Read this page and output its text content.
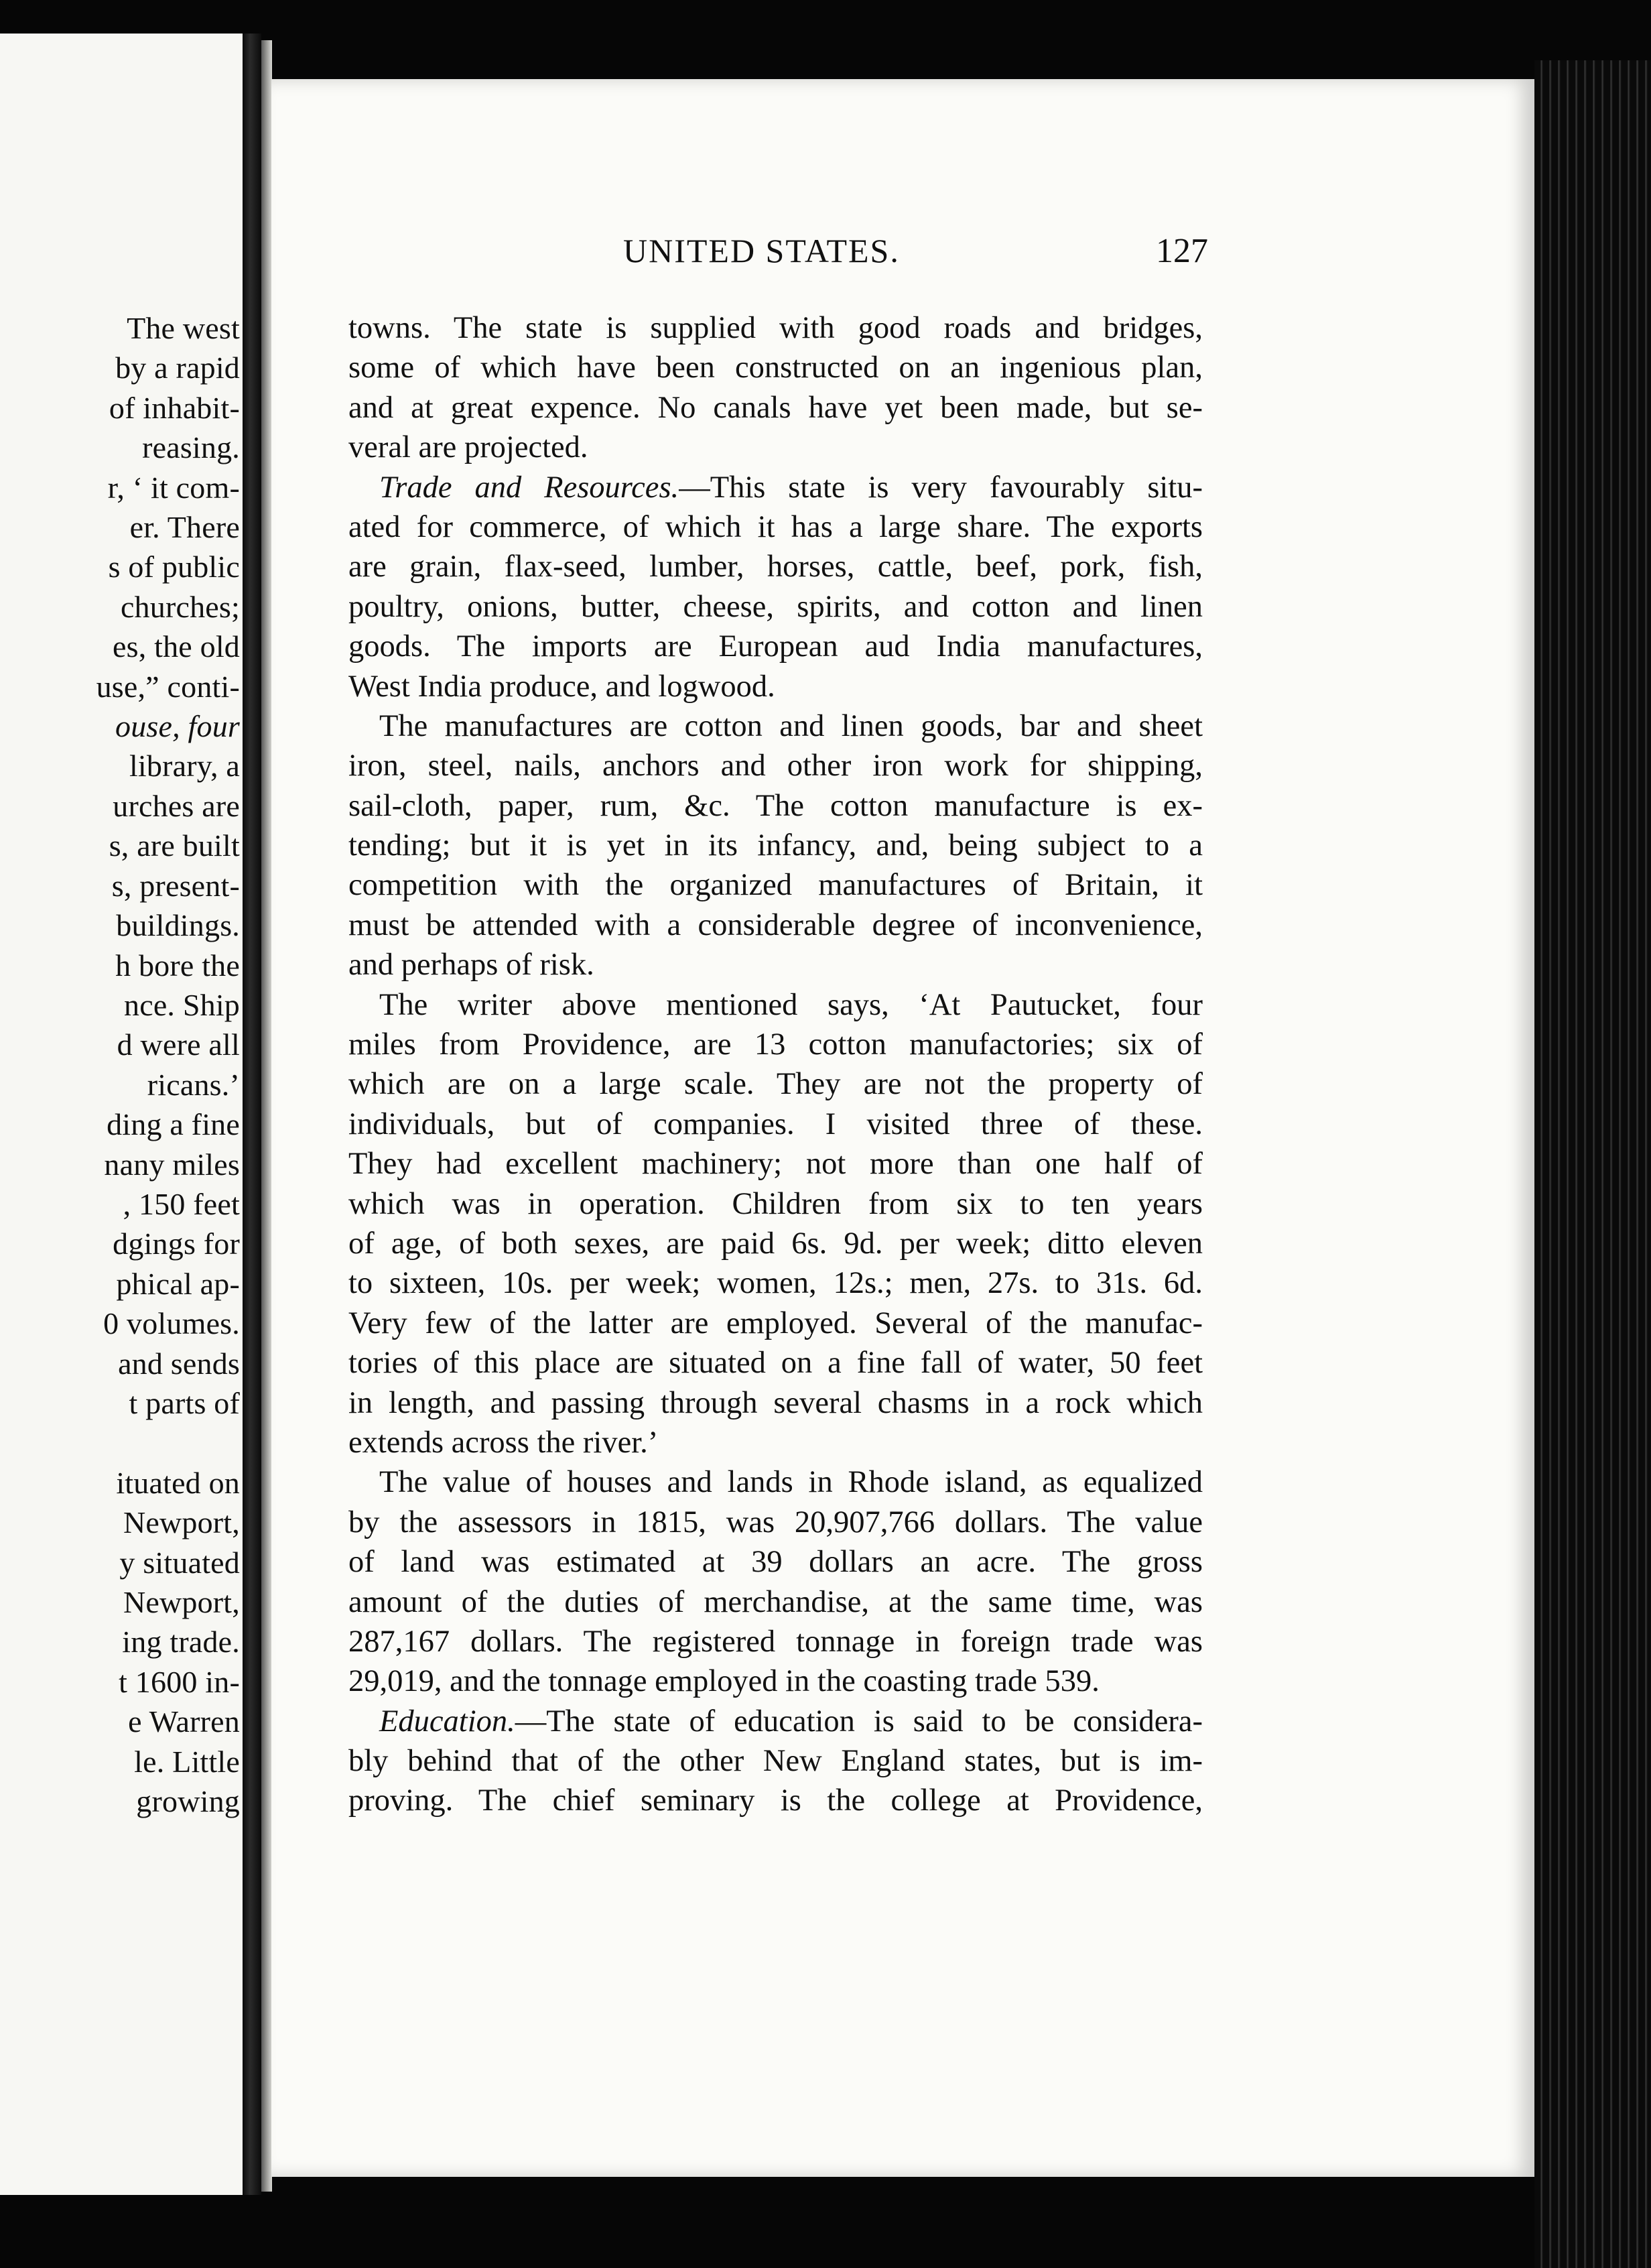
The west
by a rapid
of inhabit-
reasing.
r, ‘ it com-
er. There
s of public
churches;
es, the old
use,” conti-
ouse, four
library, a
urches are
s, are built
s, present-
buildings.
h bore the
nce. Ship
d were all
ricans.’
ding a fine
nany miles
, 150 feet
dgings for
phical ap-
0 volumes.
and sends
t parts of
ituated on
Newport,
y situated
Newport,
ing trade.
t 1600 in-
e Warren
le. Little
growing
UNITED STATES.	127
towns. The state is supplied with good roads and bridges,
some of which have been constructed on an ingenious plan,
and at great expence. No canals have yet been made, but se-
veral are projected.
Trade and Resources.—This state is very favourably situ-
ated for commerce, of which it has a large share. The exports
are grain, flax-seed, lumber, horses, cattle, beef, pork, fish,
poultry, onions, butter, cheese, spirits, and cotton and linen
goods. The imports are European aud India manufactures,
West India produce, and logwood.
The manufactures are cotton and linen goods, bar and sheet
iron, steel, nails, anchors and other iron work for shipping,
sail-cloth, paper, rum, &c. The cotton manufacture is ex-
tending; but it is yet in its infancy, and, being subject to a
competition with the organized manufactures of Britain, it
must be attended with a considerable degree of inconvenience,
and perhaps of risk.
The writer above mentioned says, ‘At Pautucket, four
miles from Providence, are 13 cotton manufactories; six of
which are on a large scale. They are not the property of
individuals, but of companies. I visited three of these.
They had excellent machinery; not more than one half of
which was in operation. Children from six to ten years
of age, of both sexes, are paid 6s. 9d. per week; ditto eleven
to sixteen, 10s. per week; women, 12s.; men, 27s. to 31s. 6d.
Very few of the latter are employed. Several of the manufac-
tories of this place are situated on a fine fall of water, 50 feet
in length, and passing through several chasms in a rock which
extends across the river.’
The value of houses and lands in Rhode island, as equalized
by the assessors in 1815, was 20,907,766 dollars. The value
of land was estimated at 39 dollars an acre. The gross
amount of the duties of merchandise, at the same time, was
287,167 dollars. The registered tonnage in foreign trade was
29,019, and the tonnage employed in the coasting trade 539.
Education.—The state of education is said to be considera-
bly behind that of the other New England states, but is im-
proving. The chief seminary is the college at Providence,
